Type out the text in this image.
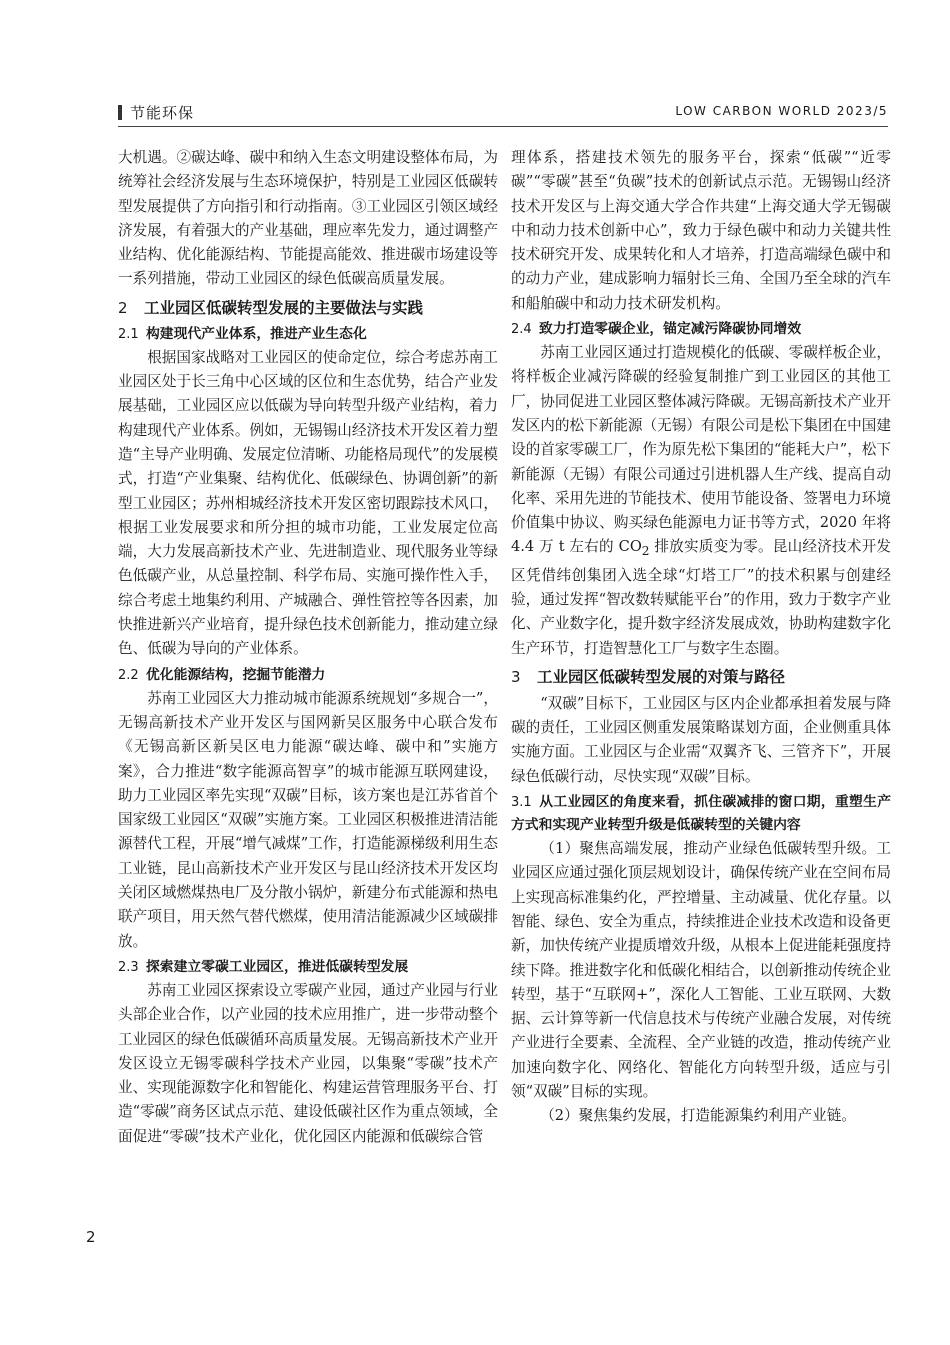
节能环保	LOW CARBON WORLD 2023/5

大机遇。②碳达峰、碳中和纳入生态文明建设整体布局，为统筹社会经济发展与生态环境保护，特别是工业园区低碳转型发展提供了方向指引和行动指南。③工业园区引领区域经济发展，有着强大的产业基础，理应率先发力，通过调整产业结构、优化能源结构、节能提高能效、推进碳市场建设等一系列措施，带动工业园区的绿色低碳高质量发展。

2 工业园区低碳转型发展的主要做法与实践
2.1 构建现代产业体系，推进产业生态化

根据国家战略对工业园区的使命定位，综合考虑苏南工业园区处于长三角中心区域的区位和生态优势，结合产业发展基础，工业园区应以低碳为导向转型升级产业结构，着力构建现代产业体系。例如，无锡锡山经济技术开发区着力塑造“主导产业明确、发展定位清晰、功能格局现代”的发展模式，打造“产业集聚、结构优化、低碳绿色、协调创新”的新型工业园区；苏州相城经济技术开发区密切跟踪技术风口，根据工业发展要求和所分担的城市功能，工业发展定位高端，大力发展高新技术产业、先进制造业、现代服务业等绿色低碳产业，从总量控制、科学布局、实施可操作性入手，综合考虑土地集约利用、产城融合、弹性管控等各因素，加快推进新兴产业培育，提升绿色技术创新能力，推动建立绿色、低碳为导向的产业体系。

2.2 优化能源结构，挖掘节能潜力

苏南工业园区大力推动城市能源系统规划“多规合一”，无锡高新技术产业开发区与国网新吴区服务中心联合发布《无锡高新区新吴区电力能源“碳达峰、碳中和”实施方案》，合力推进“数字能源高智享”的城市能源互联网建设，助力工业园区率先实现“双碳”目标，该方案也是江苏省首个国家级工业园区“双碳”实施方案。工业园区积极推进清洁能源替代工程，开展“增气减煤”工作，打造能源梯级利用生态工业链，昆山高新技术产业开发区与昆山经济技术开发区均关闭区域燃煤热电厂及分散小锅炉，新建分布式能源和热电联产项目，用天然气替代燃煤，使用清洁能源减少区域碳排放。

2.3 探索建立零碳工业园区，推进低碳转型发展

苏南工业园区探索设立零碳产业园，通过产业园与行业头部企业合作，以产业园的技术应用推广，进一步带动整个工业园区的绿色低碳循环高质量发展。无锡高新技术产业开发区设立无锡零碳科学技术产业园，以集聚“零碳”技术产业、实现能源数字化和智能化、构建运营管理服务平台、打造“零碳”商务区试点示范、建设低碳社区作为重点领域，全面促进“零碳”技术产业化，优化园区内能源和低碳综合管

理体系，搭建技术领先的服务平台，探索“低碳”“近零碳”“零碳”甚至“负碳”技术的创新试点示范。无锡锡山经济技术开发区与上海交通大学合作共建“上海交通大学无锡碳中和动力技术创新中心”，致力于绿色碳中和动力关键共性技术研究开发、成果转化和人才培养，打造高端绿色碳中和的动力产业，建成影响力辐射长三角、全国乃至全球的汽车和船舶碳中和动力技术研发机构。

2.4 致力打造零碳企业，锚定减污降碳协同增效

苏南工业园区通过打造规模化的低碳、零碳样板企业，将样板企业减污降碳的经验复制推广到工业园区的其他工厂，协同促进工业园区整体减污降碳。无锡高新技术产业开发区内的松下新能源（无锡）有限公司是松下集团在中国建设的首家零碳工厂，作为原先松下集团的“能耗大户”，松下新能源（无锡）有限公司通过引进机器人生产线、提高自动化率、采用先进的节能技术、使用节能设备、签署电力环境价值集中协议、购买绿色能源电力证书等方式，2020 年将 4.4 万 t 左右的 $CO_2$ 排放实质变为零。昆山经济技术开发区凭借纬创集团入选全球“灯塔工厂”的技术积累与创建经验，通过发挥“智改数转赋能平台”的作用，致力于数字产业化、产业数字化，提升数字经济发展成效，协助构建数字化生产环节，打造智慧化工厂与数字生态圈。

3 工业园区低碳转型发展的对策与路径

“双碳”目标下，工业园区与区内企业都承担着发展与降碳的责任，工业园区侧重发展策略谋划方面，企业侧重具体实施方面。工业园区与企业需“双翼齐飞、三管齐下”，开展绿色低碳行动，尽快实现“双碳”目标。

3.1 从工业园区的角度来看，抓住碳减排的窗口期，重塑生产方式和实现产业转型升级是低碳转型的关键内容

（1）聚焦高端发展，推动产业绿色低碳转型升级。工业园区应通过强化顶层规划设计，确保传统产业在空间布局上实现高标准集约化，严控增量、主动减量、优化存量。以智能、绿色、安全为重点，持续推进企业技术改造和设备更新，加快传统产业提质增效升级，从根本上促进能耗强度持续下降。推进数字化和低碳化相结合，以创新推动传统企业转型，基于“互联网+”，深化人工智能、工业互联网、大数据、云计算等新一代信息技术与传统产业融合发展，对传统产业进行全要素、全流程、全产业链的改造，推动传统产业加速向数字化、网络化、智能化方向转型升级，适应与引领“双碳”目标的实现。

（2）聚焦集约发展，打造能源集约利用产业链。

2
